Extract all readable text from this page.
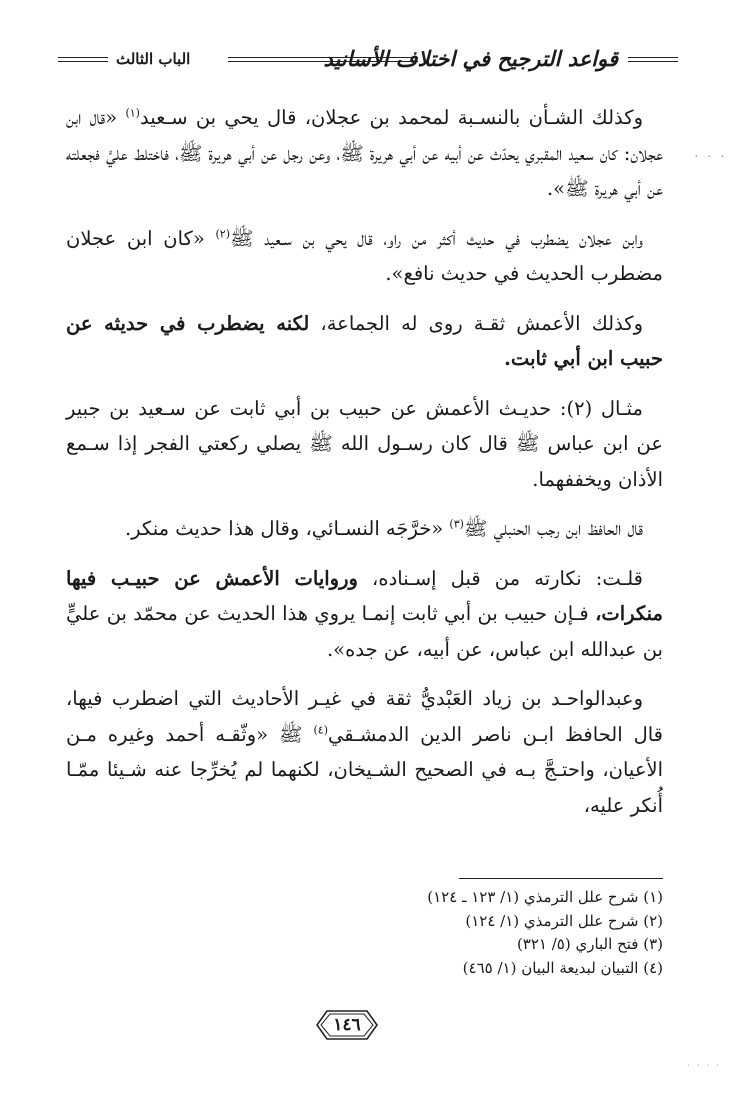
قواعد الترجيح في اختلاف الأسانيد
الباب الثالث

وكذلك الشـأن بالنسـبة لمحمد بن عجلان، قال يحي بن سـعيد$^{(١)}$ «قال ابن عجلان: كان سعيد المقبري يحدّث عن أبيه عن أبي هريرة ﷺ، وعن رجل عن أبي هريرة ﷺ، فاختلط عليَّ فجعلته عن أبي هريرة ﷺ».

وابن عجلان يضطرب في حديث أكثر من راو، قال يحي بن سـعيد ﷺ$^{(٢)}$ «كان ابن عجلان مضطرب الحديث في حديث نافع».

وكذلك الأعمش ثقـة روى له الجماعة، لكنه يضطرب في حديثه عن حبيب ابن أبي ثابت.

مثـال (٢): حديـث الأعمش عن حبيب بن أبي ثابت عن سـعيد بن جبير عن ابن عباس ﷺ قال كان رسـول الله ﷺ يصلي ركعتي الفجر إذا سـمع الأذان ويخففهما.

قال الحافظ ابن رجب الحنبلي ﷺ$^{(٣)}$ «خرَّجَه النسـائي، وقال هذا حديث منكر.

قلـت: نكارته من قبل إسـناده، وروايات الأعمش عن حبيـب فيها منكرات، فـإن حبيب بن أبي ثابت إنمـا يروي هذا الحديث عن محمّد بن عليٍّ بن عبدالله ابن عباس، عن أبيه، عن جده».

وعبدالواحـد بن زياد العَبْديُّ ثقة في غيـر الأحاديث التي اضطرب فيها، قال الحافظ ابـن ناصر الدين الدمشـقي$^{(٤)}$ ﷺ «وثّقـه أحمد وغيره مـن الأعيان، واحتـجَّ بـه في الصحيح الشـيخان، لكنهما لم يُخرِّجا عنه شـيئا ممّـا أُنكر عليه،

(١) شرح علل الترمذي (١/ ١٢٣ ـ ١٢٤)
(٢) شرح علل الترمذي (١/ ١٢٤)
(٣) فتح الباري (٥/ ٣٢١)
(٤) التبيان لبديعة البيان (١/ ٤٦٥)
١٤٦
· · ·
· · · ·
